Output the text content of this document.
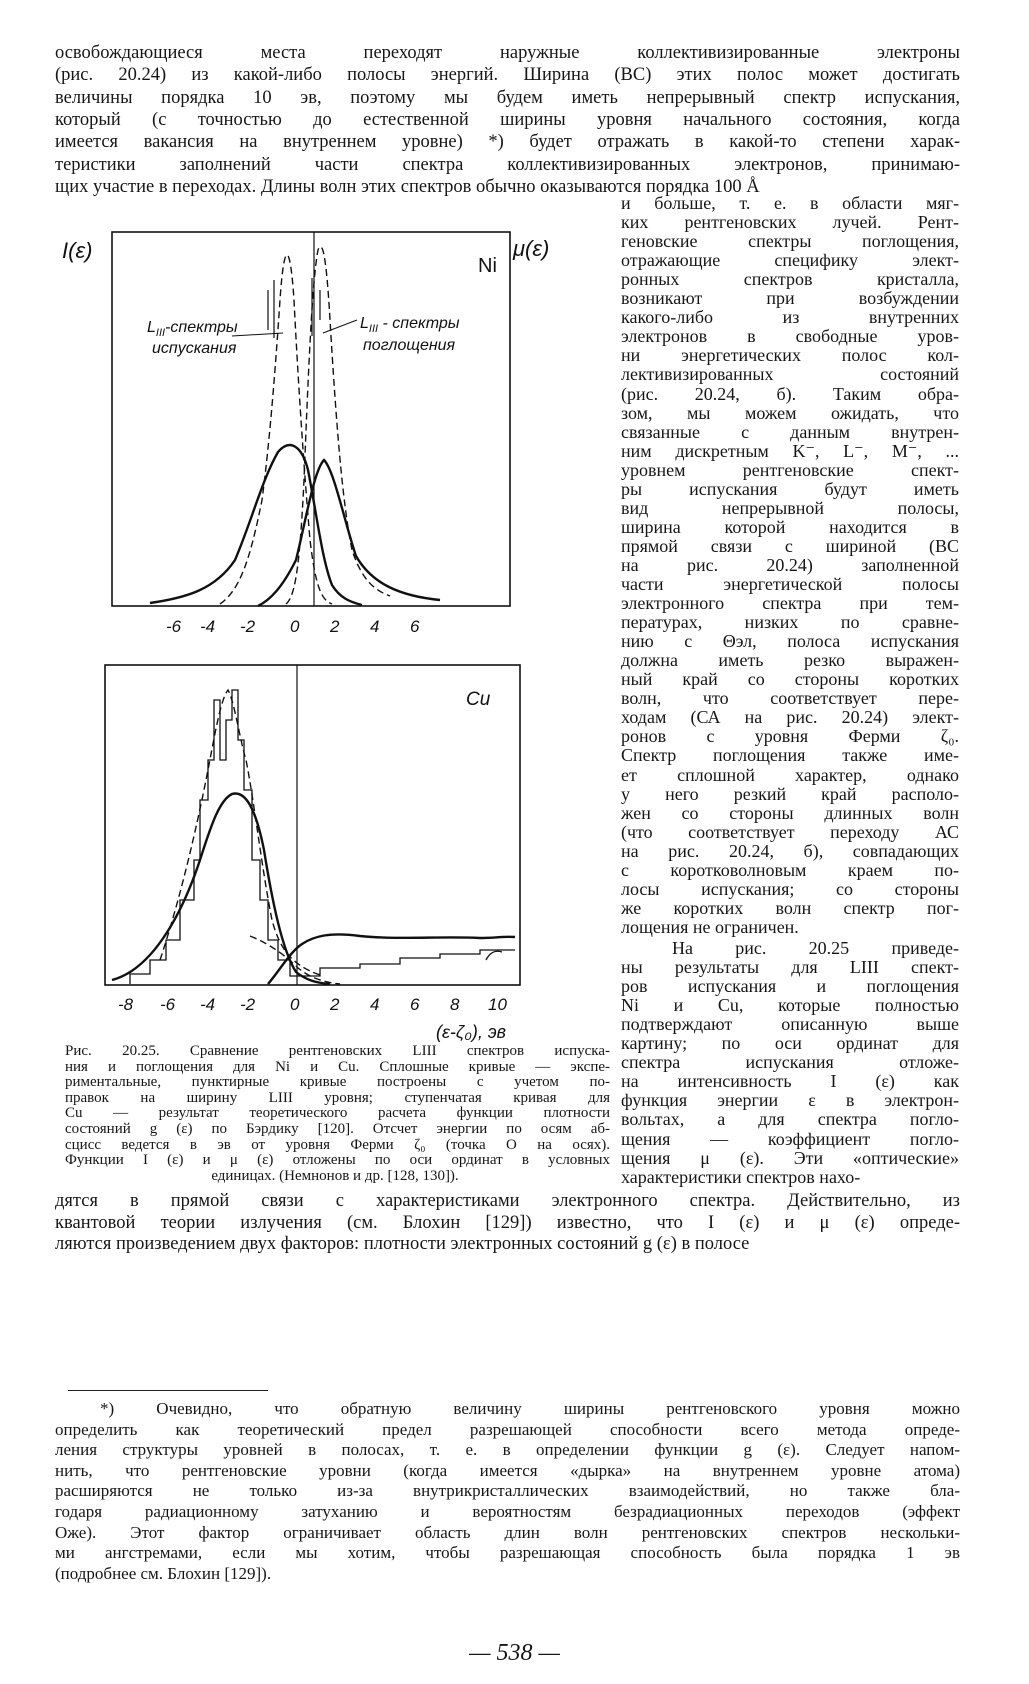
I(ε)	μ(ε)
Ni
$L_{III}$-спектры
испускания
$L_{III}$ - спектры
поглощения
-6 -4 -2 0 2 4 6
Cu
-8 -6 -4 -2 0 2 4 6 8 10
(ε-ζ₀), эв
— 538 —
освобождающиеся места переходят наружные коллективизированные электроны
(рис. 20.24) из какой-либо полосы энергий. Ширина (ВС) этих полос может достигать
величины порядка 10 эв, поэтому мы будем иметь непрерывный спектр испускания,
который (с точностью до естественной ширины уровня начального состояния, когда
имеется вакансия на внутреннем уровне) *) будет отражать в какой-то степени харак-
теристики заполнений части спектра коллективизированных электронов, принимаю-
щих участие в переходах. Длины волн этих спектров обычно оказываются порядка 100 Å
и больше, т. е. в области мяг-
ких рентгеновских лучей. Рент-
геновские спектры поглощения,
отражающие специфику элект-
ронных спектров кристалла,
возникают при возбуждении
какого-либо из внутренних
электронов в свободные уров-
ни энергетических полос кол-
лективизированных состояний
(рис. 20.24, б). Таким обра-
зом, мы можем ожидать, что
связанные с данным внутрен-
ним дискретным K⁻, L⁻, M⁻, ...
уровнем рентгеновские спект-
ры испускания будут иметь
вид непрерывной полосы,
ширина которой находится в
прямой связи с шириной (ВС
на рис. 20.24) заполненной
части энергетической полосы
электронного спектра при тем-
пературах, низких по сравне-
нию с Θэл, полоса испускания
должна иметь резко выражен-
ный край со стороны коротких
волн, что соответствует пере-
ходам (СА на рис. 20.24) элект-
ронов с уровня Ферми ζ₀.
Спектр поглощения также име-
ет сплошной характер, однако
у него резкий край располо-
жен со стороны длинных волн
(что соответствует переходу АС
на рис. 20.24, б), совпадающих
с коротковолновым краем по-
лосы испускания; со стороны
же коротких волн спектр пог-
лощения не ограничен.
На рис. 20.25 приведе-
ны результаты для LIII спект-
ров испускания и поглощения
Ni и Cu, которые полностью
подтверждают описанную выше
картину; по оси ординат для
спектра испускания отложе-
на интенсивность I (ε) как
функция энергии ε в электрон-
вольтах, а для спектра погло-
щения — коэффициент погло-
щения μ (ε). Эти «оптические»
характеристики спектров нахо-
дятся в прямой связи с характеристиками электронного спектра. Действительно, из
квантовой теории излучения (см. Блохин [129]) известно, что I (ε) и μ (ε) опреде-
ляются произведением двух факторов: плотности электронных состояний g (ε) в полосе
Рис. 20.25. Сравнение рентгеновских LIII спектров испуска-
ния и поглощения для Ni и Cu. Сплошные кривые — экспе-
риментальные, пунктирные кривые построены с учетом по-
правок на ширину LIII уровня; ступенчатая кривая для
Cu — результат теоретического расчета функции плотности
состояний g (ε) по Бэрдику [120]. Отсчет энергии по осям аб-
сцисс ведется в эв от уровня Ферми ζ₀ (точка O на осях).
Функции I (ε) и μ (ε) отложены по оси ординат в условных
единицах. (Немнонов и др. [128, 130]).
*) Очевидно, что обратную величину ширины рентгеновского уровня можно
определить как теоретический предел разрешающей способности всего метода опреде-
ления структуры уровней в полосах, т. е. в определении функции g (ε). Следует напом-
нить, что рентгеновские уровни (когда имеется «дырка» на внутреннем уровне атома)
расширяются не только из-за внутрикристаллических взаимодействий, но также бла-
годаря радиационному затуханию и вероятностям безрадиационных переходов (эффект
Оже). Этот фактор ограничивает область длин волн рентгеновских спектров нескольки-
ми ангстремами, если мы хотим, чтобы разрешающая способность была порядка 1 эв
(подробнее см. Блохин [129]).
